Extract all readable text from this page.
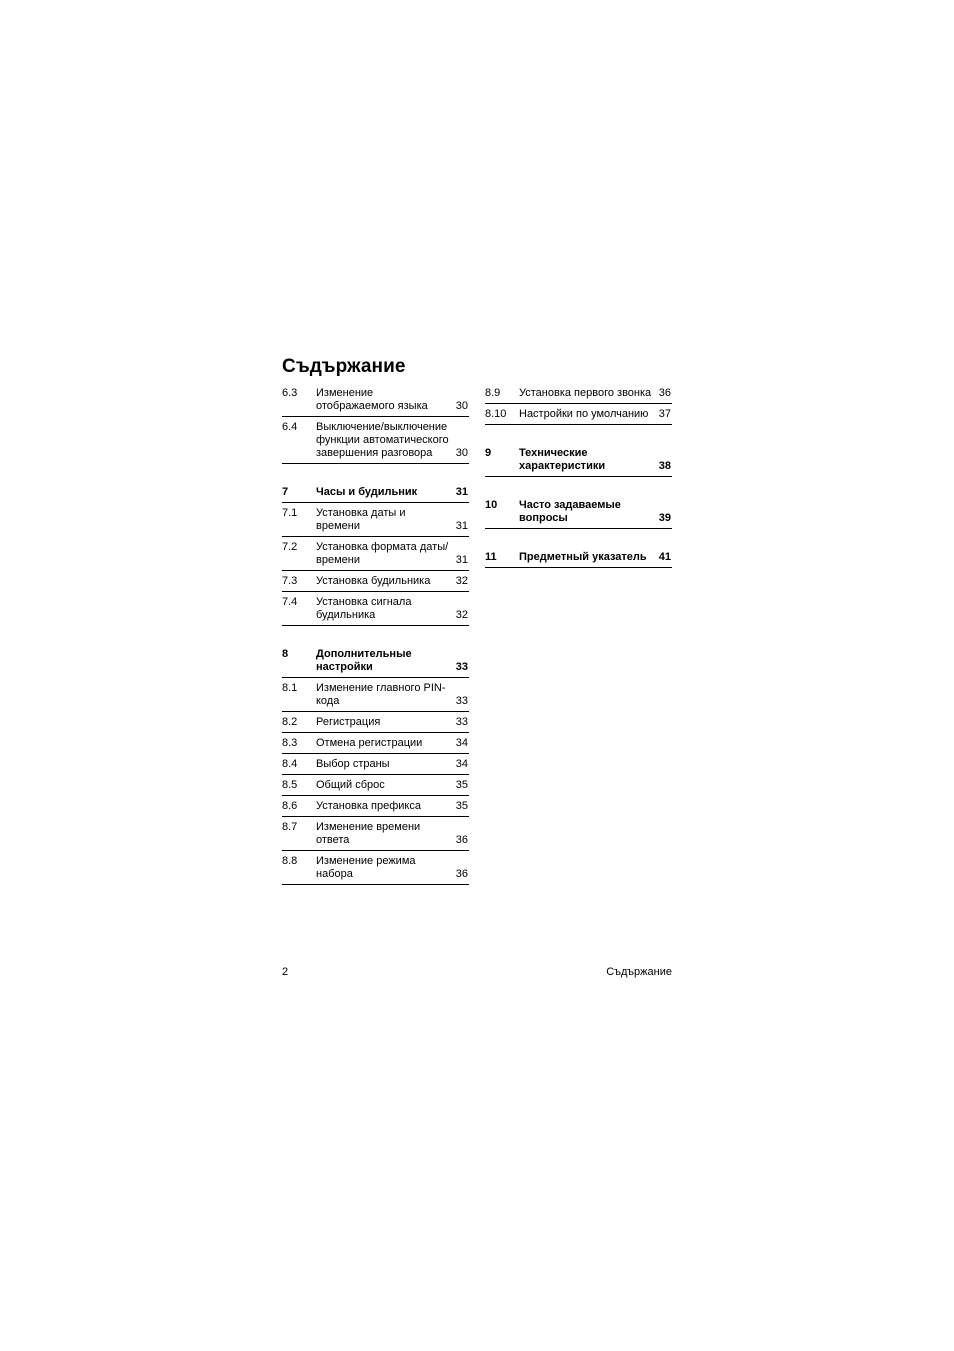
Съдържание
6.3 Изменение отображаемого языка	30
6.4 Выключение/выключение функции автоматического завершения разговора	30
7	Часы и будильник	31
7.1 Установка даты и времени	31
7.2 Установка формата даты/времени	31
7.3 Установка будильника	32
7.4 Установка сигнала будильника	32
8	Дополнительные настройки	33
8.1 Изменение главного PIN-кода	33
8.2 Регистрация	33
8.3 Отмена регистрации	34
8.4 Выбор страны	34
8.5 Общий сброс	35
8.6 Установка префикса	35
8.7 Изменение времени ответа	36
8.8 Изменение режима набора	36
8.9 Установка первого звонка 36
8.10 Настройки по умолчанию 37
9	Технические характеристики	38
10 Часто задаваемые вопросы	39
11 Предметный указатель	41
2	Съдържание
